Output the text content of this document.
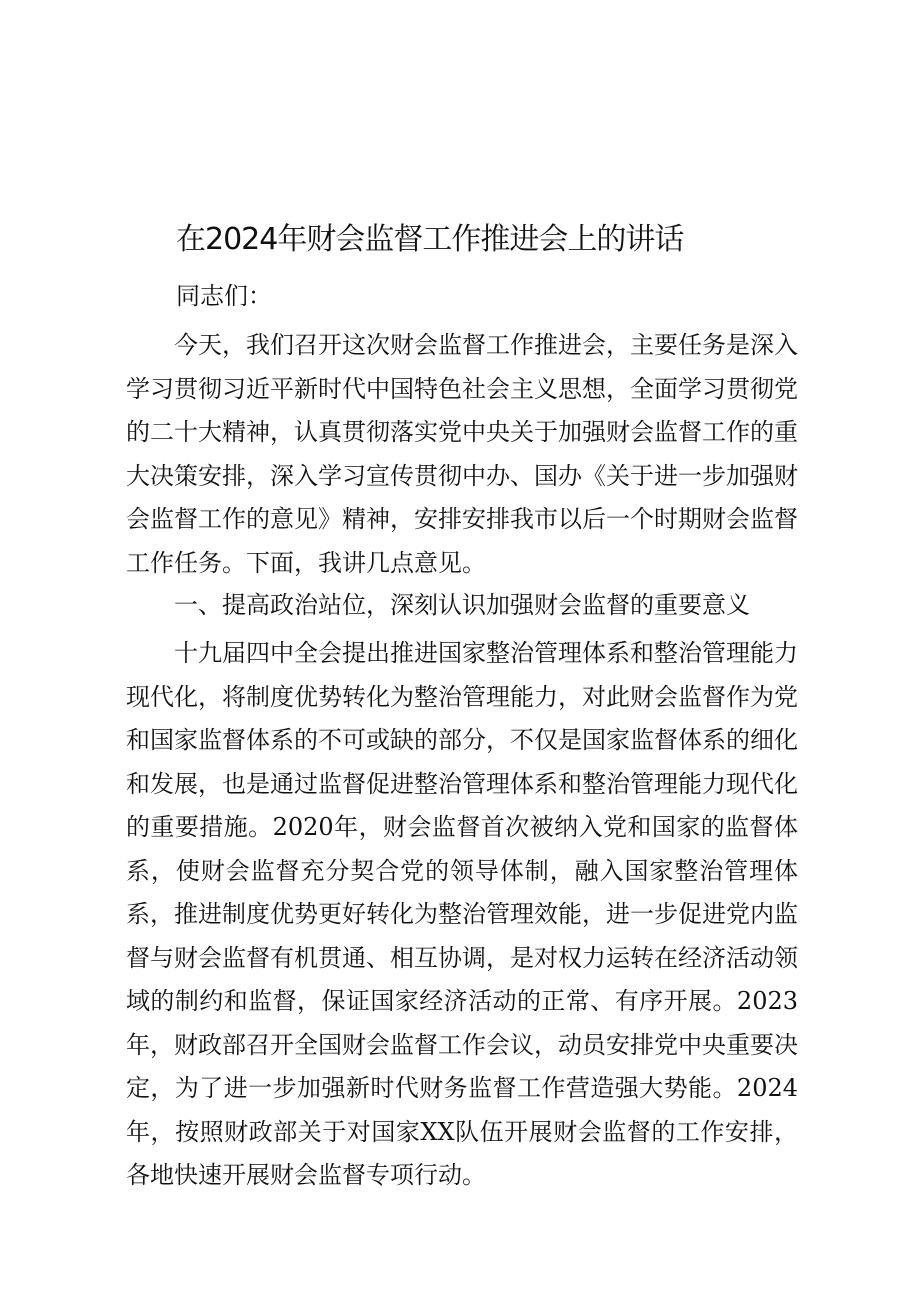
在2024年财会监督工作推进会上的讲话

同志们：

今天，我们召开这次财会监督工作推进会，主要任务是深入学习贯彻习近平新时代中国特色社会主义思想，全面学习贯彻党的二十大精神，认真贯彻落实党中央关于加强财会监督工作的重大决策安排，深入学习宣传贯彻中办、国办《关于进一步加强财会监督工作的意见》精神，安排安排我市以后一个时期财会监督工作任务。下面，我讲几点意见。

一、提高政治站位，深刻认识加强财会监督的重要意义

十九届四中全会提出推进国家整治管理体系和整治管理能力现代化，将制度优势转化为整治管理能力，对此财会监督作为党和国家监督体系的不可或缺的部分，不仅是国家监督体系的细化和发展，也是通过监督促进整治管理体系和整治管理能力现代化的重要措施。2020年，财会监督首次被纳入党和国家的监督体系，使财会监督充分契合党的领导体制，融入国家整治管理体系，推进制度优势更好转化为整治管理效能，进一步促进党内监督与财会监督有机贯通、相互协调，是对权力运转在经济活动领域的制约和监督，保证国家经济活动的正常、有序开展。2023年，财政部召开全国财会监督工作会议，动员安排党中央重要决定，为了进一步加强新时代财务监督工作营造强大势能。2024年，按照财政部关于对国家XX队伍开展财会监督的工作安排，各地快速开展财会监督专项行动。
